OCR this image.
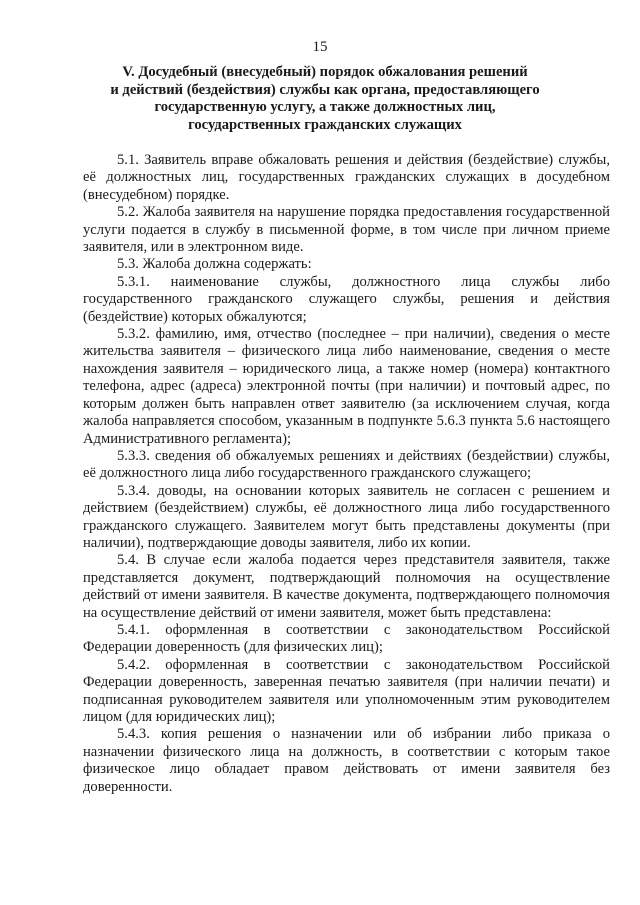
15
V. Досудебный (внесудебный) порядок обжалования решений
и действий (бездействия) службы как органа, предоставляющего
государственную услугу, а также должностных лиц,
государственных гражданских служащих

5.1. Заявитель вправе обжаловать решения и действия (бездействие) службы, её должностных лиц, государственных гражданских служащих в досудебном (внесудебном) порядке.

5.2. Жалоба заявителя на нарушение порядка предоставления государственной услуги подается в службу в письменной форме, в том числе при личном приеме заявителя, или в электронном виде.

5.3. Жалоба должна содержать:

5.3.1. наименование службы, должностного лица службы либо государственного гражданского служащего службы, решения и действия (бездействие) которых обжалуются;

5.3.2. фамилию, имя, отчество (последнее – при наличии), сведения о месте жительства заявителя – физического лица либо наименование, сведения о месте нахождения заявителя – юридического лица, а также номер (номера) контактного телефона, адрес (адреса) электронной почты (при наличии) и почтовый адрес, по которым должен быть направлен ответ заявителю (за исключением случая, когда жалоба направляется способом, указанным в подпункте 5.6.3 пункта 5.6 настоящего Административного регламента);

5.3.3. сведения об обжалуемых решениях и действиях (бездействии) службы, её должностного лица либо государственного гражданского служащего;

5.3.4. доводы, на основании которых заявитель не согласен с решением и действием (бездействием) службы, её должностного лица либо государственного гражданского служащего. Заявителем могут быть представлены документы (при наличии), подтверждающие доводы заявителя, либо их копии.

5.4. В случае если жалоба подается через представителя заявителя, также представляется документ, подтверждающий полномочия на осуществление действий от имени заявителя. В качестве документа, подтверждающего полномочия на осуществление действий от имени заявителя, может быть представлена:

5.4.1. оформленная в соответствии с законодательством Российской Федерации доверенность (для физических лиц);

5.4.2. оформленная в соответствии с законодательством Российской Федерации доверенность, заверенная печатью заявителя (при наличии печати) и подписанная руководителем заявителя или уполномоченным этим руководителем лицом (для юридических лиц);

5.4.3. копия решения о назначении или об избрании либо приказа о назначении физического лица на должность, в соответствии с которым такое физическое лицо обладает правом действовать от имени заявителя без доверенности.
